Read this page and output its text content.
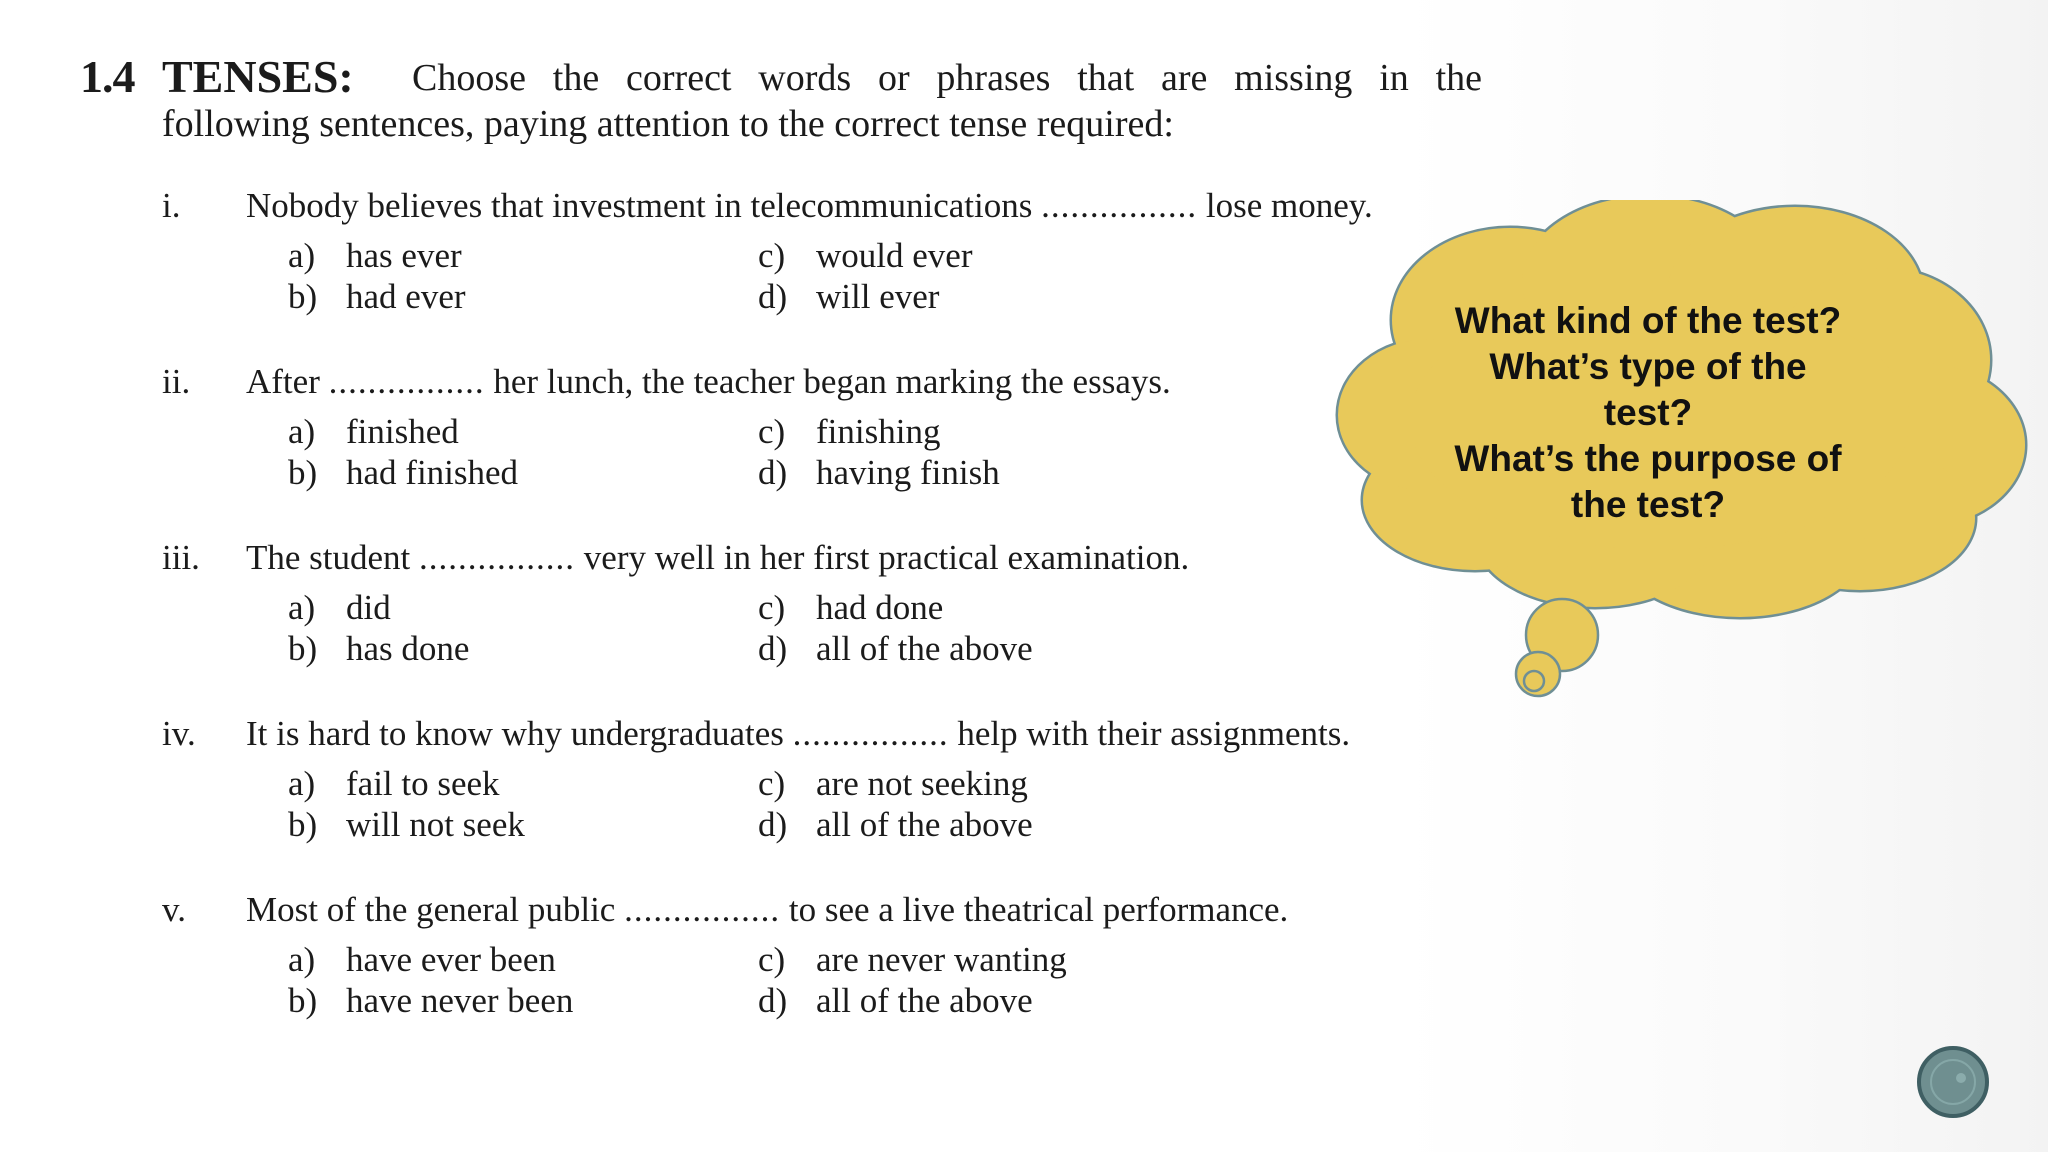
1.4 TENSES: Choose the correct words or phrases that are missing in the
following sentences, paying attention to the correct tense required:
i. Nobody believes that investment in telecommunications ................ lose money.
a) has ever
b) had ever
c) would ever
d) will ever
ii. After ................ her lunch, the teacher began marking the essays.
a) finished
b) had finished
c) finishing
d) having finish
iii. The student ................ very well in her first practical examination.
a) did
b) has done
c) had done
d) all of the above
iv. It is hard to know why undergraduates ................ help with their assignments.
a) fail to seek
b) will not seek
c) are not seeking
d) all of the above
v. Most of the general public ................ to see a live theatrical performance.
a) have ever been
b) have never been
c) are never wanting
d) all of the above
What kind of the test?
What’s type of the
test?
What’s the purpose of
the test?
